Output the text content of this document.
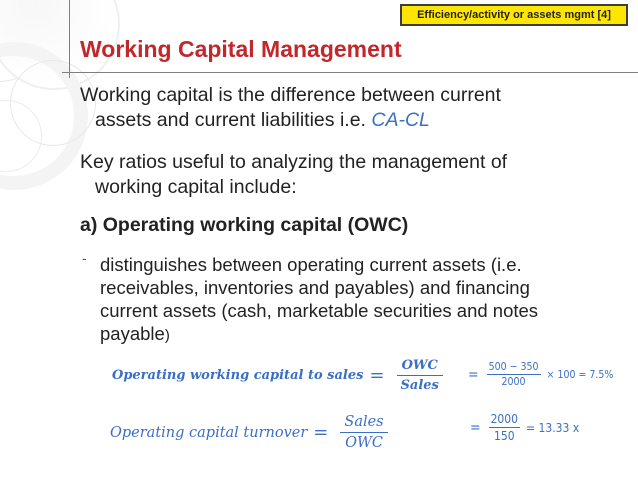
Efficiency/activity or assets mgmt [4]
Working Capital Management
Working capital is the difference between current
assets and current liabilities i.e. CA-CL
Key ratios useful to analyzing the management of
working capital include:
a) Operating working capital (OWC)
- distinguishes between operating current assets (i.e.
receivables, inventories and payables) and financing
current assets (cash, marketable securities and notes
payable)
Operating working capital to sales = $\frac{\text{OWC}}{\text{Sales}} = \frac{500 - 350}{2000} \times 100 = 7.5\%$
Operating capital turnover = $\frac{\text{Sales}}{\text{OWC}}$	= $\frac{2000}{150} = 13.33$ x
